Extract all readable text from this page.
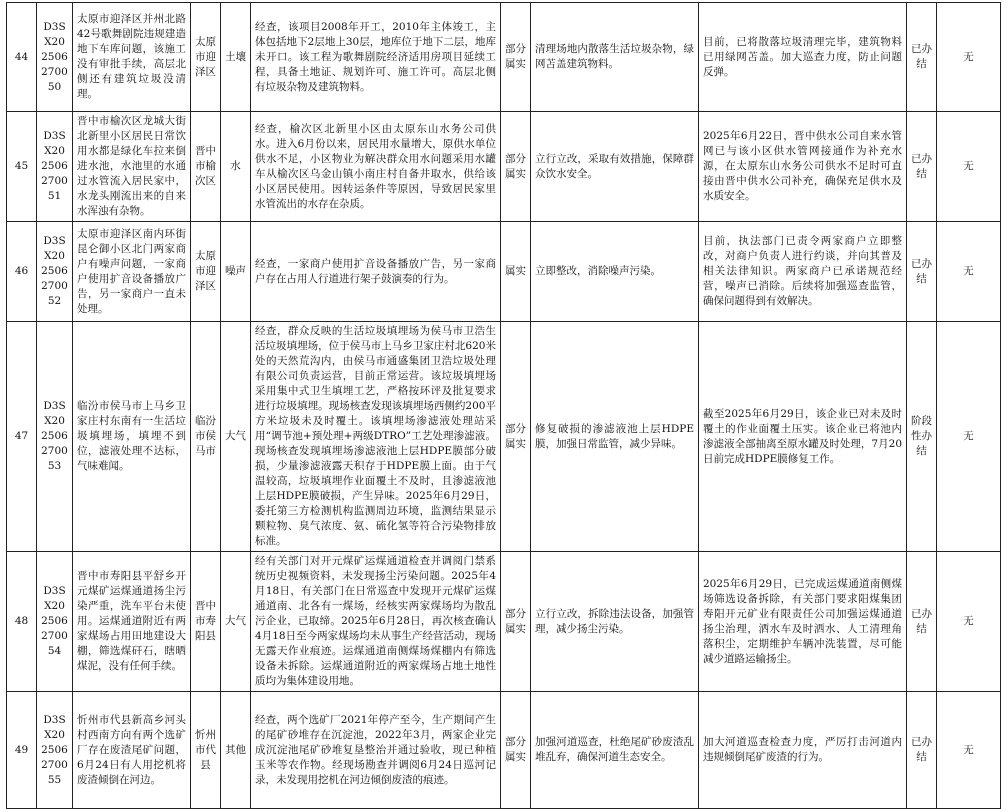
44	D3SX2025062700 50	太原市迎泽区并州北路42号歌舞剧院违规建造地下车库问题，该施工没有审批手续，高层北侧还有建筑垃圾没清理。	太原市迎泽区	土壤	经查，该项目2008年开工，2010年主体竣工，主体包括地下2层地上30层，地库位于地下二层，地库未开口。该工程为歌舞剧院经济适用房项目延续工程，具备土地证、规划许可、施工许可。高层北侧有垃圾杂物及建筑物料。	部分属实	清理场地内散落生活垃圾杂物，绿网苫盖建筑物料。	目前，已将散落垃圾清理完毕，建筑物料已用绿网苫盖。加大巡查力度，防止问题反弹。	已办结	无
45	D3SX2025062700 51	晋中市榆次区龙城大街北新里小区居民日常饮用水都是绿化车拉来倒进水池，水池里的水通过水管流入居民家中，水龙头刚流出来的自来水浑浊有杂物。	晋中市榆次区	水	经查，榆次区北新里小区由太原东山水务公司供水。进入6月份以来，居民用水量增大，原供水单位供水不足，小区物业为解决群众用水问题采用水罐车从榆次区乌金山镇小南庄村自备井取水，供给该小区居民使用。因转运条件等原因，导致居民家里水管流出的水存在杂质。	部分属实	立行立改，采取有效措施，保障群众饮水安全。	2025年6月22日，晋中供水公司自来水管网已与该小区供水管网接通作为补充水源，在太原东山水务公司供水不足时可直接由晋中供水公司补充，确保充足供水及水质安全。	已办结	无
46	D3SX2025062700 52	太原市迎泽区南内环街昆仑御小区北门两家商户有噪声问题，一家商户使用扩音设备播放广告，另一家商户一直未处理。	太原市迎泽区	噪声	经查，一家商户使用扩音设备播放广告，另一家商户存在占用人行道进行架子鼓演奏的行为。	属实	立即整改，消除噪声污染。	目前，执法部门已责令两家商户立即整改，对商户负责人进行约谈，并向其普及相关法律知识。两家商户已承诺规范经营，噪声已消除。后续将加强巡查监管，确保问题得到有效解决。	已办结	无
47	D3SX2025062700 53	临汾市侯马市上马乡卫家庄村东南有一生活垃圾填埋场，填埋不到位，滤液处理不达标，气味难闻。	临汾市侯马市	大气	经查，群众反映的生活垃圾填埋场为侯马市卫浩生活垃圾填埋场，位于侯马市上马乡卫家庄村北620米处的天然荒沟内，由侯马市通盛集团卫浩垃圾处理有限公司负责运营，目前正常运营。该垃圾填埋场采用集中式卫生填埋工艺，严格按环评及批复要求进行垃圾填埋。现场核查发现该填埋场西侧约200平方米垃圾未及时覆土。该填埋场渗滤液处理站采用“调节池+预处理+两级DTRO”工艺处理渗滤液。现场核查发现填埋场渗滤液池上层HDPE膜部分破损，少量渗滤液露天积存于HDPE膜上面。由于气温较高，垃圾填埋作业面覆土不及时，且渗滤液池上层HDPE膜破损，产生异味。2025年6月29日，委托第三方检测机构监测周边环境，监测结果显示颗粒物、臭气浓度、氨、硫化氢等符合污染物排放标准。	部分属实	修复破损的渗滤液池上层HDPE膜，加强日常监管，减少异味。	截至2025年6月29日，该企业已对未及时覆土的作业面覆土压实。该企业已将池内渗滤液全部抽离至原水罐及时处理，7月20日前完成HDPE膜修复工作。	阶段性办结	无
48	D3SX2025062700 54	晋中市寿阳县平舒乡开元煤矿运煤通道扬尘污染严重，洗车平台未使用。运煤通道附近有两家煤场占用田地建设大棚，筛选煤矸石，瞎晒煤泥，没有任何手续。	晋中市寿阳县	大气	经有关部门对开元煤矿运煤通道检查并调阅门禁系统历史视频资料，未发现扬尘污染问题。2025年4月18日，有关部门在日常巡查中发现开元煤矿运煤通道南、北各有一煤场，经核实两家煤场均为散乱污企业，已取缔。2025年6月28日，再次核查确认4月18日至今两家煤场均未从事生产经营活动，现场无露天作业痕迹。运煤通道南侧煤场煤棚内有筛选设备未拆除。运煤通道附近的两家煤场占地土地性质均为集体建设用地。	部分属实	立行立改，拆除违法设备，加强管理，减少扬尘污染。	2025年6月29日，已完成运煤通道南侧煤场筛选设备拆除，有关部门要求阳煤集团寿阳开元矿业有限责任公司加强运煤通道扬尘治理，洒水车及时洒水、人工清理角落积尘，定期维护车辆冲洗装置，尽可能减少道路运输扬尘。	已办结	无
49	D3SX2025062700 55	忻州市代县新高乡河头村西南方向有两个选矿厂存在废渣尾矿问题，6月24日有人用挖机将废渣倾倒在河边。	忻州市代县	其他	经查，两个选矿厂2021年停产至今，生产期间产生的尾矿砂堆存在沉淀池，2022年3月，两家企业完成沉淀池尾矿砂堆复垦整治并通过验收，现已种植玉米等农作物。经现场勘查并调阅6月24日巡河记录，未发现用挖机在河边倾倒废渣的痕迹。	部分属实	加强河道巡查，杜绝尾矿砂废渣乱堆乱弃，确保河道生态安全。	加大河道巡查检查力度，严厉打击河道内违规倾倒尾矿废渣的行为。	已办结	无
